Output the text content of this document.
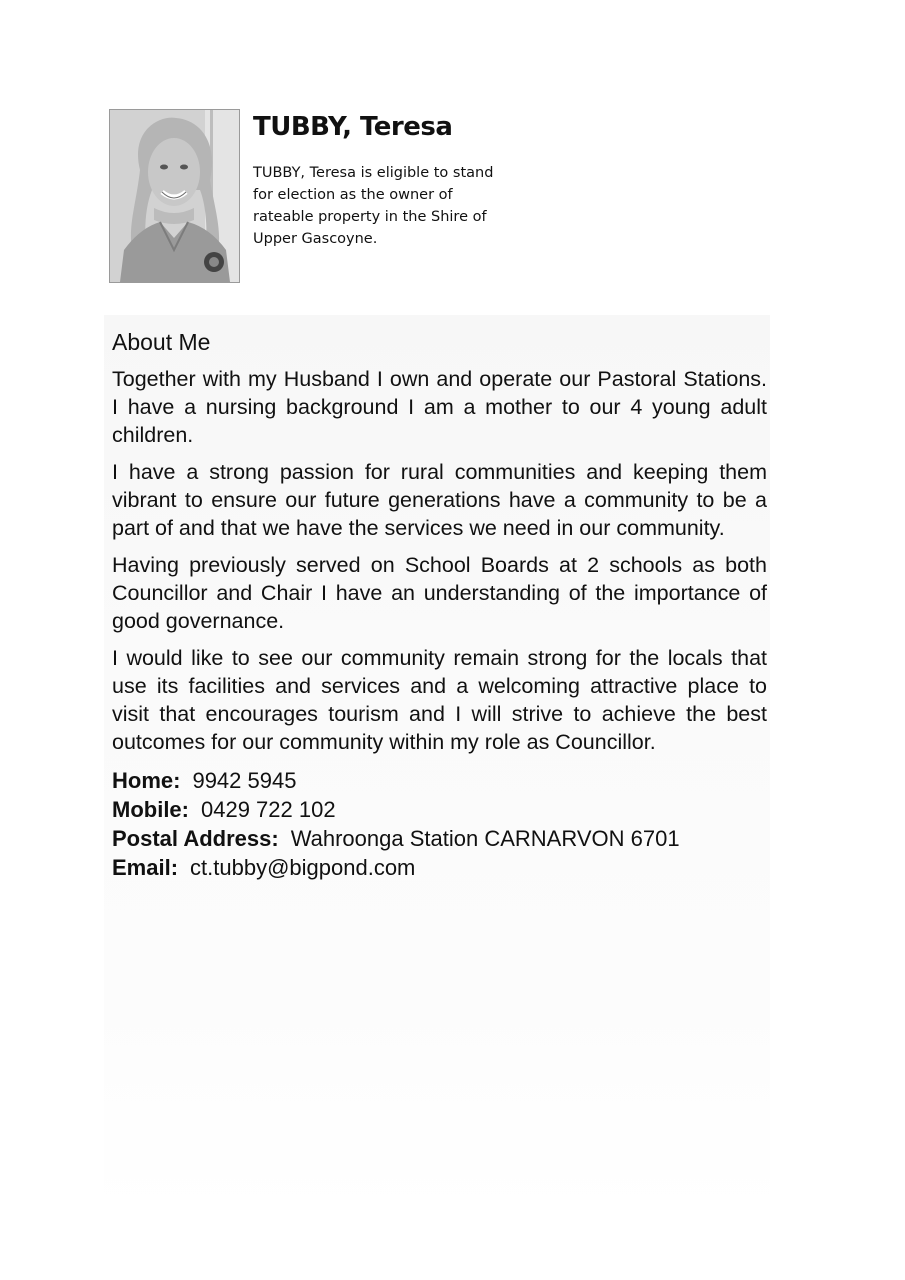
TUBBY, Teresa

TUBBY, Teresa is eligible to stand for election as the owner of rateable property in the Shire of Upper Gascoyne.

About Me

Together with my Husband I own and operate our Pastoral Stations. I have a nursing background I am a mother to our 4 young adult children.

I have a strong passion for rural communities and keeping them vibrant to ensure our future generations have a community to be a part of and that we have the services we need in our community.

Having previously served on School Boards at 2 schools as both Councillor and Chair I have an understanding of the importance of good governance.

I would like to see our community remain strong for the locals that use its facilities and services and a welcoming attractive place to visit that encourages tourism and I will strive to achieve the best outcomes for our community within my role as Councillor.

Home: 9942 5945

Mobile: 0429 722 102

Postal Address: Wahroonga Station CARNARVON 6701

Email: ct.tubby@bigpond.com
